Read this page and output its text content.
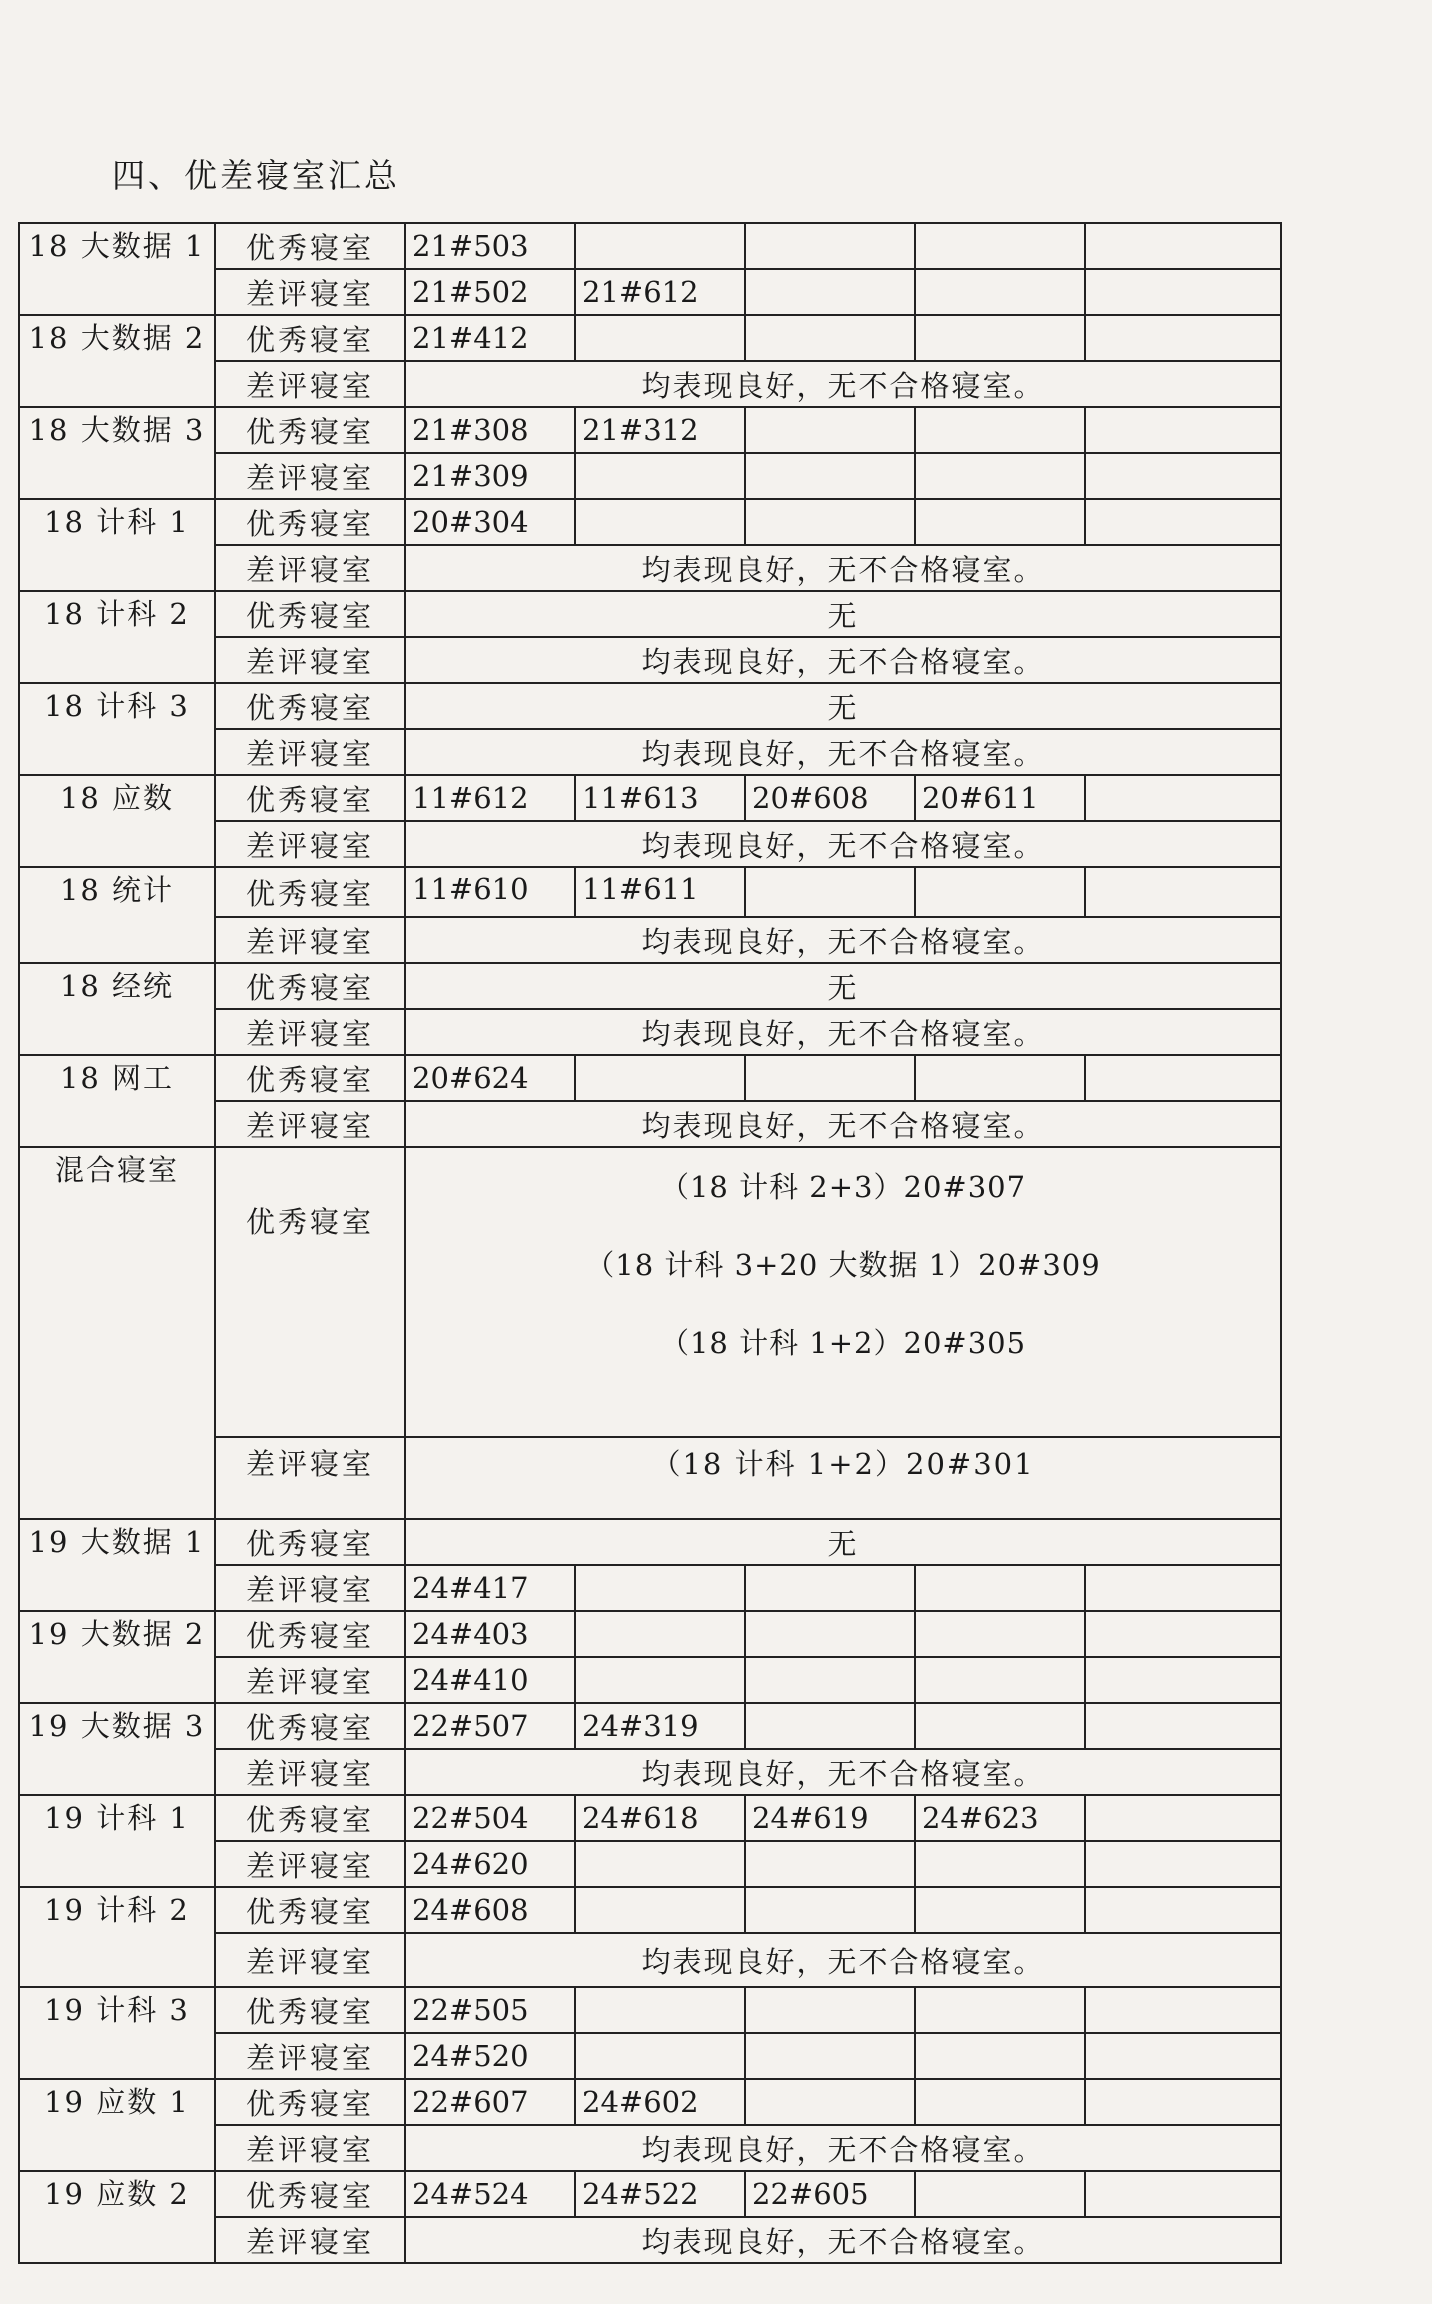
四、优差寝室汇总
18 大数据 1	优秀寝室	21#503				
	差评寝室	21#502	21#612			
18 大数据 2	优秀寝室	21#412				
	差评寝室	均表现良好，无不合格寝室。				
18 大数据 3	优秀寝室	21#308	21#312			
	差评寝室	21#309				
18 计科 1	优秀寝室	20#304				
	差评寝室	均表现良好，无不合格寝室。				
18 计科 2	优秀寝室	无				
	差评寝室	均表现良好，无不合格寝室。				
18 计科 3	优秀寝室	无				
	差评寝室	均表现良好，无不合格寝室。				
18 应数	优秀寝室	11#612	11#613	20#608	20#611	
	差评寝室	均表现良好，无不合格寝室。				
18 统计	优秀寝室	11#610	11#611			
	差评寝室	均表现良好，无不合格寝室。				
18 经统	优秀寝室	无				
	差评寝室	均表现良好，无不合格寝室。				
18 网工	优秀寝室	20#624				
	差评寝室	均表现良好，无不合格寝室。				
混合寝室	优秀寝室	（18 计科 2+3）20#307
（18 计科 3+20 大数据 1）20#309
（18 计科 1+2）20#305				

	差评寝室	（18 计科 1+2）20#301				
19 大数据 1	优秀寝室	无				
	差评寝室	24#417				
19 大数据 2	优秀寝室	24#403				
	差评寝室	24#410				
19 大数据 3	优秀寝室	22#507	24#319			
	差评寝室	均表现良好，无不合格寝室。				
19 计科 1	优秀寝室	22#504	24#618	24#619	24#623	
	差评寝室	24#620				
19 计科 2	优秀寝室	24#608				
	差评寝室	均表现良好，无不合格寝室。				
19 计科 3	优秀寝室	22#505				
	差评寝室	24#520				
19 应数 1	优秀寝室	22#607	24#602			
	差评寝室	均表现良好，无不合格寝室。				
19 应数 2	优秀寝室	24#524	24#522	22#605		
	差评寝室	均表现良好，无不合格寝室。				
